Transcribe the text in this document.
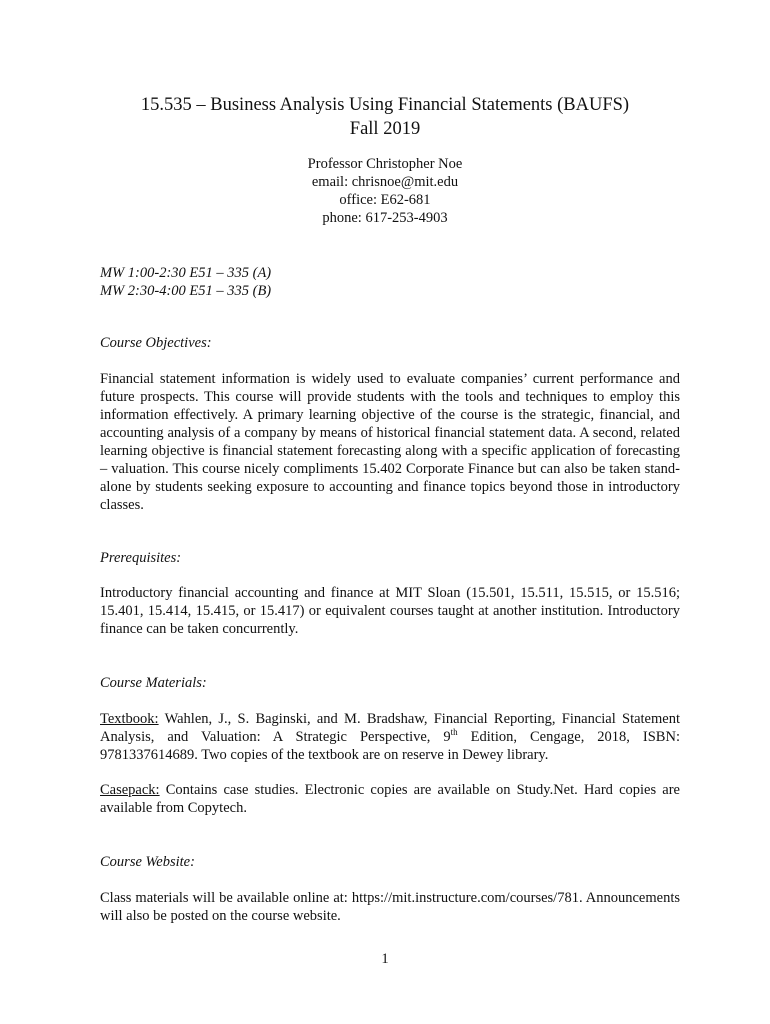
15.535 – Business Analysis Using Financial Statements (BAUFS)
Fall 2019
Professor Christopher Noe
email: chrisnoe@mit.edu
office: E62-681
phone: 617-253-4903
MW 1:00-2:30 E51 – 335 (A)
MW 2:30-4:00 E51 – 335 (B)
Course Objectives:
Financial statement information is widely used to evaluate companies’ current performance and future prospects. This course will provide students with the tools and techniques to employ this information effectively. A primary learning objective of the course is the strategic, financial, and accounting analysis of a company by means of historical financial statement data. A second, related learning objective is financial statement forecasting along with a specific application of forecasting – valuation. This course nicely compliments 15.402 Corporate Finance but can also be taken stand-alone by students seeking exposure to accounting and finance topics beyond those in introductory classes.
Prerequisites:
Introductory financial accounting and finance at MIT Sloan (15.501, 15.511, 15.515, or 15.516; 15.401, 15.414, 15.415, or 15.417) or equivalent courses taught at another institution. Introductory finance can be taken concurrently.
Course Materials:
Textbook: Wahlen, J., S. Baginski, and M. Bradshaw, Financial Reporting, Financial Statement Analysis, and Valuation: A Strategic Perspective, 9th Edition, Cengage, 2018, ISBN: 9781337614689. Two copies of the textbook are on reserve in Dewey library.
Casepack: Contains case studies. Electronic copies are available on Study.Net. Hard copies are available from Copytech.
Course Website:
Class materials will be available online at: https://mit.instructure.com/courses/781. Announcements will also be posted on the course website.
1
